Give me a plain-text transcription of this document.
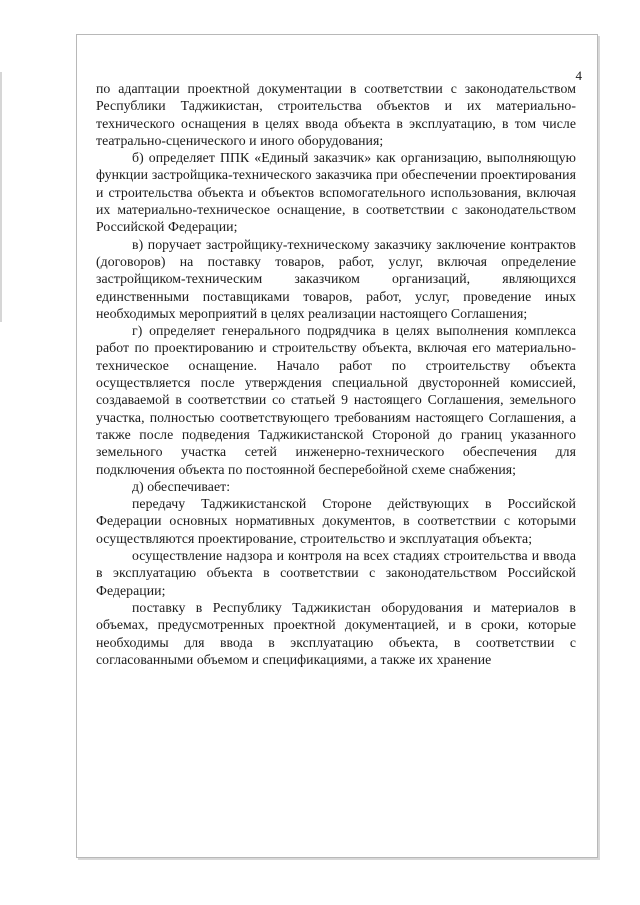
4

по адаптации проектной документации в соответствии с законодательством Республики Таджикистан, строительства объектов и их материально-технического оснащения в целях ввода объекта в эксплуатацию, в том числе театрально-сценического и иного оборудования;

б) определяет ППК «Единый заказчик» как организацию, выполняющую функции застройщика-технического заказчика при обеспечении проектирования и строительства объекта и объектов вспомогательного использования, включая их материально-техническое оснащение, в соответствии с законодательством Российской Федерации;

в) поручает застройщику-техническому заказчику заключение контрактов (договоров) на поставку товаров, работ, услуг, включая определение застройщиком-техническим заказчиком организаций, являющихся единственными поставщиками товаров, работ, услуг, проведение иных необходимых мероприятий в целях реализации настоящего Соглашения;

г) определяет генерального подрядчика в целях выполнения комплекса работ по проектированию и строительству объекта, включая его материально-техническое оснащение. Начало работ по строительству объекта осуществляется после утверждения специальной двусторонней комиссией, создаваемой в соответствии со статьей 9 настоящего Соглашения, земельного участка, полностью соответствующего требованиям настоящего Соглашения, а также после подведения Таджикистанской Стороной до границ указанного земельного участка сетей инженерно-технического обеспечения для подключения объекта по постоянной бесперебойной схеме снабжения;

д) обеспечивает:

передачу Таджикистанской Стороне действующих в Российской Федерации основных нормативных документов, в соответствии с которыми осуществляются проектирование, строительство и эксплуатация объекта;

осуществление надзора и контроля на всех стадиях строительства и ввода в эксплуатацию объекта в соответствии с законодательством Российской Федерации;

поставку в Республику Таджикистан оборудования и материалов в объемах, предусмотренных проектной документацией, и в сроки, которые необходимы для ввода в эксплуатацию объекта, в соответствии с согласованными объемом и спецификациями, а также их хранение
